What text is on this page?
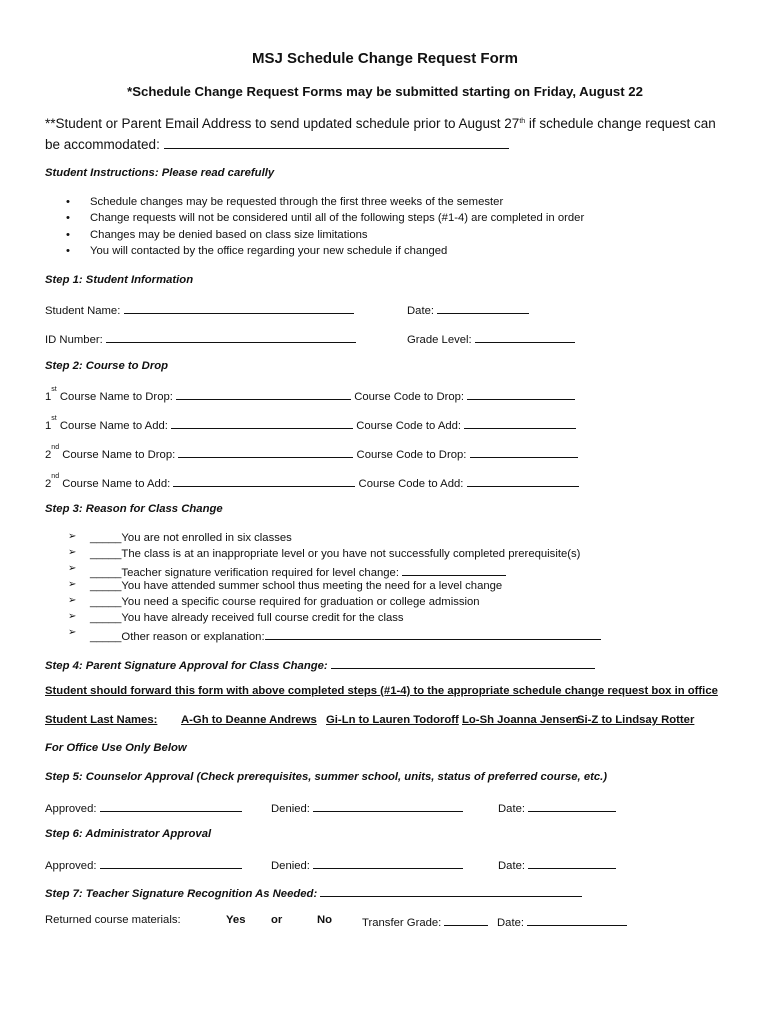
MSJ Schedule Change Request Form
*Schedule Change Request Forms may be submitted starting on Friday, August 22
**Student or Parent Email Address to send updated schedule prior to August 27th if schedule change request can be accommodated:
Student Instructions: Please read carefully
• Schedule changes may be requested through the first three weeks of the semester
• Change requests will not be considered until all of the following steps (#1-4) are completed in order
• Changes may be denied based on class size limitations
• You will contacted by the office regarding your new schedule if changed
Step 1: Student Information
Student Name:	Date:
ID Number:	Grade Level:
Step 2: Course to Drop
1st Course Name to Drop:	Course Code to Drop:
1st Course Name to Add:	Course Code to Add:
2nd Course Name to Drop:	Course Code to Drop:
2nd Course Name to Add:	Course Code to Add:
Step 3: Reason for Class Change
➢ _____You are not enrolled in six classes
➢ _____The class is at an inappropriate level or you have not successfully completed prerequisite(s)
➢ _____Teacher signature verification required for level change:
➢ _____You have attended summer school thus meeting the need for a level change
➢ _____You need a specific course required for graduation or college admission
➢ _____You have already received full course credit for the class
➢ _____Other reason or explanation:
Step 4: Parent Signature Approval for Class Change:
Student should forward this form with above completed steps (#1-4) to the appropriate schedule change request box in office
Student Last Names: A-Gh to Deanne Andrews Gi-Ln to Lauren Todoroff Lo-Sh Joanna Jensen
Si-Z to Lindsay Rotter
For Office Use Only Below
Step 5: Counselor Approval (Check prerequisites, summer school, units, status of preferred course, etc.)
Approved:	Denied:	Date:
Step 6: Administrator Approval
Approved:	Denied:	Date:
Step 7: Teacher Signature Recognition As Needed:
Returned course materials:	Yes or	No	Transfer Grade:	Date:
